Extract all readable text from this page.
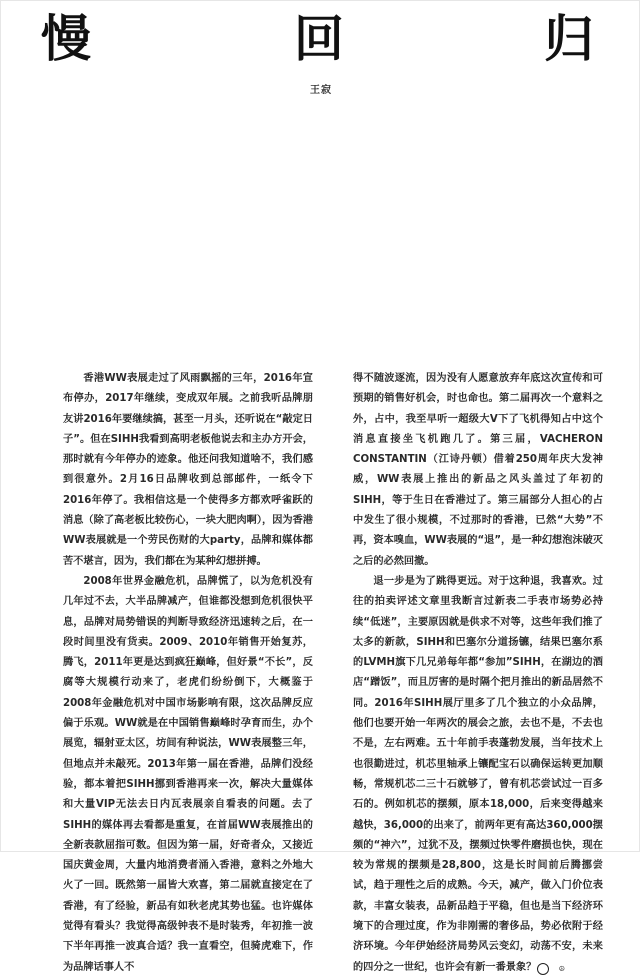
慢	回	归
王寂

香港WW表展走过了风雨飘摇的三年，2016年宣布停办，2017年继续，变成双年展。之前我听品牌朋友讲2016年要继续搞，甚至一月头，还听说在“敲定日子”。但在SIHH我看到高明老板他说去和主办方开会，那时就有今年停办的迹象。他还问我知道啥不，我们感到很意外。2月16日品牌收到总部邮件，一纸令下2016年停了。我相信这是一个使得多方都欢呼雀跃的消息（除了高老板比较伤心，一块大肥肉啊），因为香港WW表展就是一个劳民伤财的大party，品牌和媒体都苦不堪言，因为，我们都在为某种幻想拼搏。

2008年世界金融危机，品牌慌了，以为危机没有几年过不去，大半品牌减产，但谁都没想到危机很快平息，品牌对局势错误的判断导致经济迅速转之后，在一段时间里没有货卖。2009、2010年销售开始复苏，腾飞，2011年更是达到疯狂巅峰，但好景“不长”，反腐等大规模行动来了，老虎们纷纷倒下，大概鉴于2008年金融危机对中国市场影响有限，这次品牌反应偏于乐观。WW就是在中国销售巅峰时孕育而生，办个展览，辐射亚太区，坊间有种说法，WW表展整三年，但地点并未敲死。2013年第一届在香港，品牌们没经验，都本着把SIHH挪到香港再来一次，解决大量媒体和大量VIP无法去日内瓦表展亲自看表的问题。去了SIHH的媒体再去看都是重复，在首届WW表展推出的全新表款屈指可数。但因为第一届，好奇者众，又接近国庆黄金周，大量内地消费者涌入香港，意料之外地大火了一回。既然第一届皆大欢喜，第二届就直接定在了香港，有了经验，新品有如秋老虎其势也猛。也许媒体觉得有看头？我觉得高级钟表不是时装秀，年初推一波下半年再推一波真合适？我一直看空，但骑虎难下，作为品牌话事人不

得不随波逐流，因为没有人愿意放弃年底这次宣传和可预期的销售好机会，时也命也。第二届再次一个意料之外，占中，我至早听一超级大V下了飞机得知占中这个消息直接坐飞机跑几了。第三届，VACHERON CONSTANTIN（江诗丹顿）借着250周年庆大发神威，WW表展上推出的新品之风头盖过了年初的SIHH，等于生日在香港过了。第三届部分人担心的占中发生了很小规模，不过那时的香港，已然“大势”不再，资本嗅血，WW表展的“退”，是一种幻想泡沫破灭之后的必然回撤。

退一步是为了跳得更远。对于这种退，我喜欢。过往的拍卖评述文章里我断言过新表二手表市场势必持续“低迷”，主要原因就是供求不对等，这些年我们推了太多的新款，SIHH和巴塞尔分道扬镳，结果巴塞尔系的LVMH旗下几兄弟每年都“参加”SIHH，在湖边的酒店“蹭饭”，而且厉害的是时隔个把月推出的新品居然不同。2016年SIHH展厅里多了几个独立的小众品牌，他们也要开始一年两次的展会之旅，去也不是，不去也不是，左右两难。五十年前手表蓬勃发展，当年技术上也很勤进过，机芯里轴承上镶配宝石以确保运转更加顺畅，常规机芯二三十石就够了，曾有机芯尝试过一百多石的。例如机芯的摆频，原本18,000，后来变得越来越快，36,000的出来了，前两年更有高达360,000摆频的“神六”，过犹不及，摆频过快零件磨损也快，现在较为常规的摆频是28,800，这是长时间前后腾挪尝试，趋于理性之后的成熟。今天，减产，做入门价位表款，丰富女装表，品新品趋于平稳，但也是当下经济环境下的合理过度，作为非刚需的奢侈品，势必依附于经济环境。今年伊始经济局势风云变幻，动荡不安，未来的四分之一世纪，也许会有新一番景象？	☮
